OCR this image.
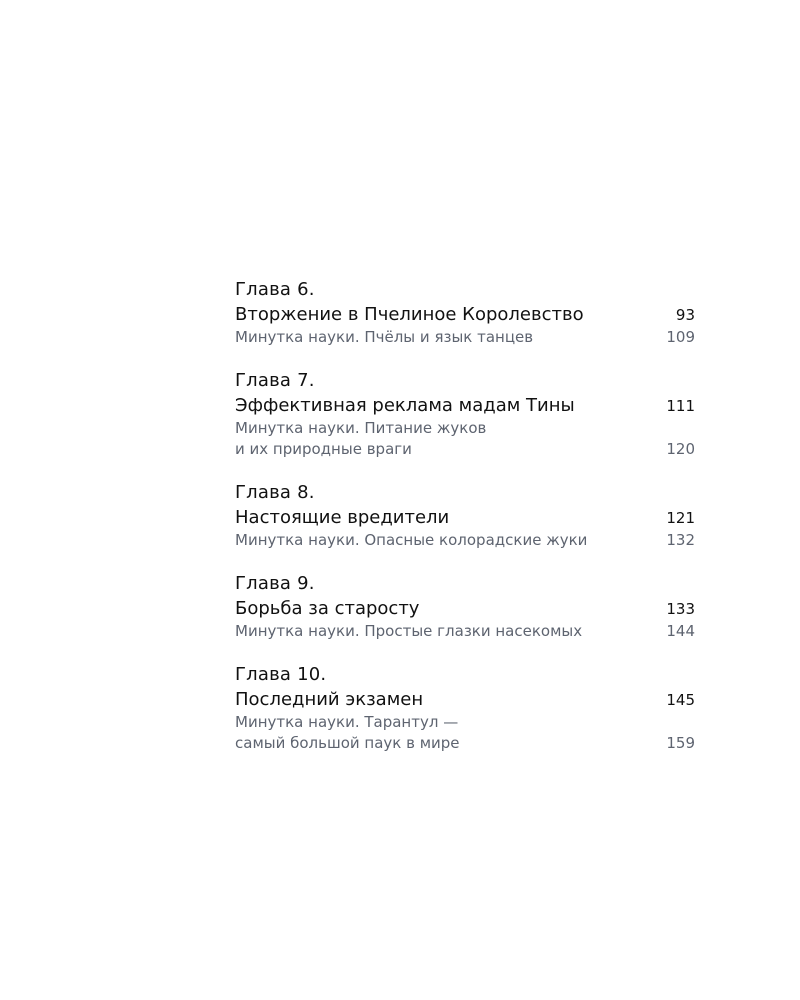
Глава 6.
Вторжение в Пчелиное Королевство	93
Минутка науки. Пчёлы и язык танцев	109
Глава 7.
Эффективная реклама мадам Тины	111
Минутка науки. Питание жуков
и их природные враги	120
Глава 8.
Настоящие вредители	121
Минутка науки. Опасные колорадские жуки	132
Глава 9.
Борьба за старосту	133
Минутка науки. Простые глазки насекомых	144
Глава 10.
Последний экзамен	145
Минутка науки. Тарантул —
самый большой паук в мире	159
